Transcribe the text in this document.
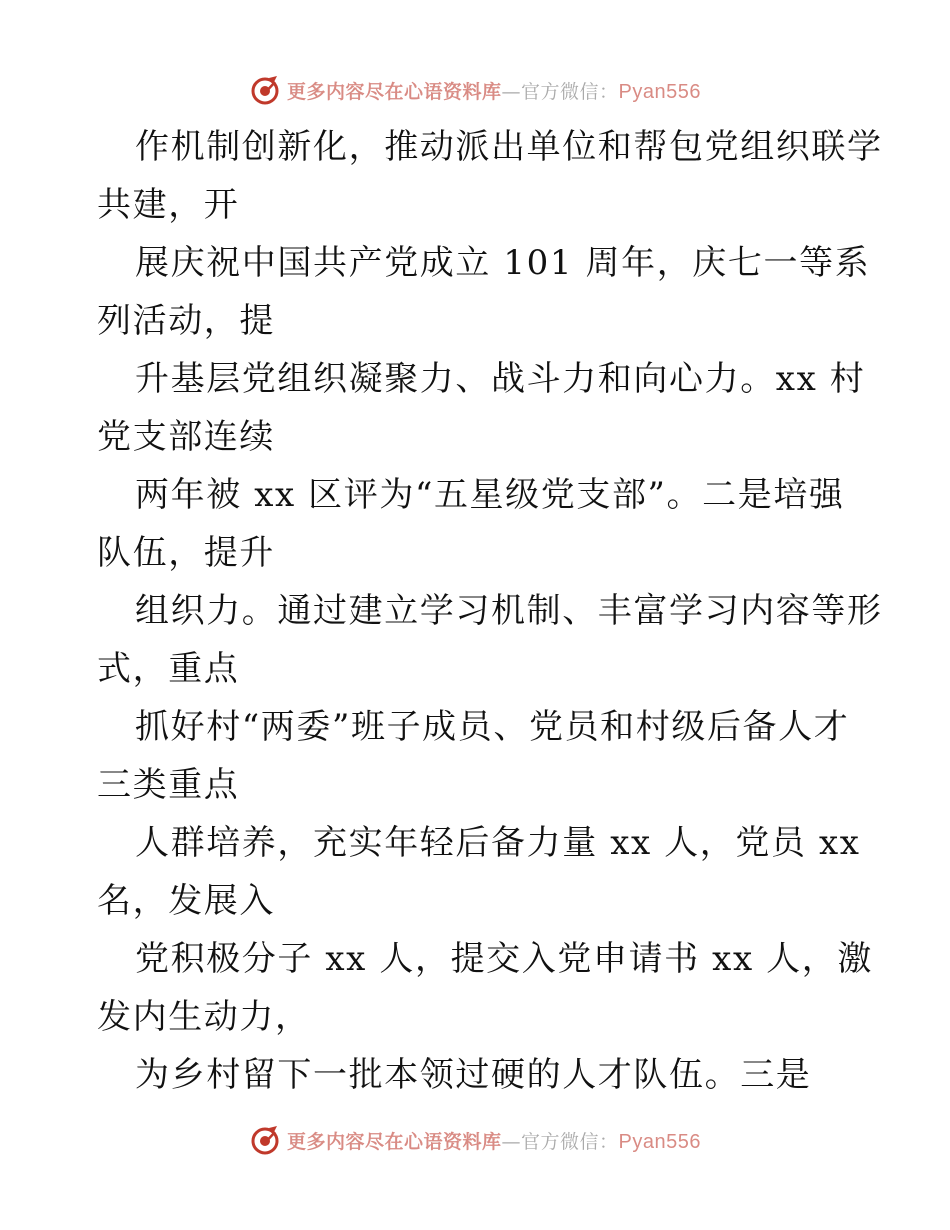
更多内容尽在心语资料库—官方微信：Pyan556
作机制创新化，推动派出单位和帮包党组织联学
共建，开
展庆祝中国共产党成立 101 周年，庆七一等系
列活动，提
升基层党组织凝聚力、战斗力和向心力。xx 村
党支部连续
两年被 xx 区评为“五星级党支部”。二是培强
队伍，提升
组织力。通过建立学习机制、丰富学习内容等形
式，重点
抓好村“两委”班子成员、党员和村级后备人才
三类重点
人群培养，充实年轻后备力量 xx 人，党员 xx
名，发展入
党积极分子 xx 人，提交入党申请书 xx 人，激
发内生动力，
为乡村留下一批本领过硬的人才队伍。三是
更多内容尽在心语资料库—官方微信：Pyan556
